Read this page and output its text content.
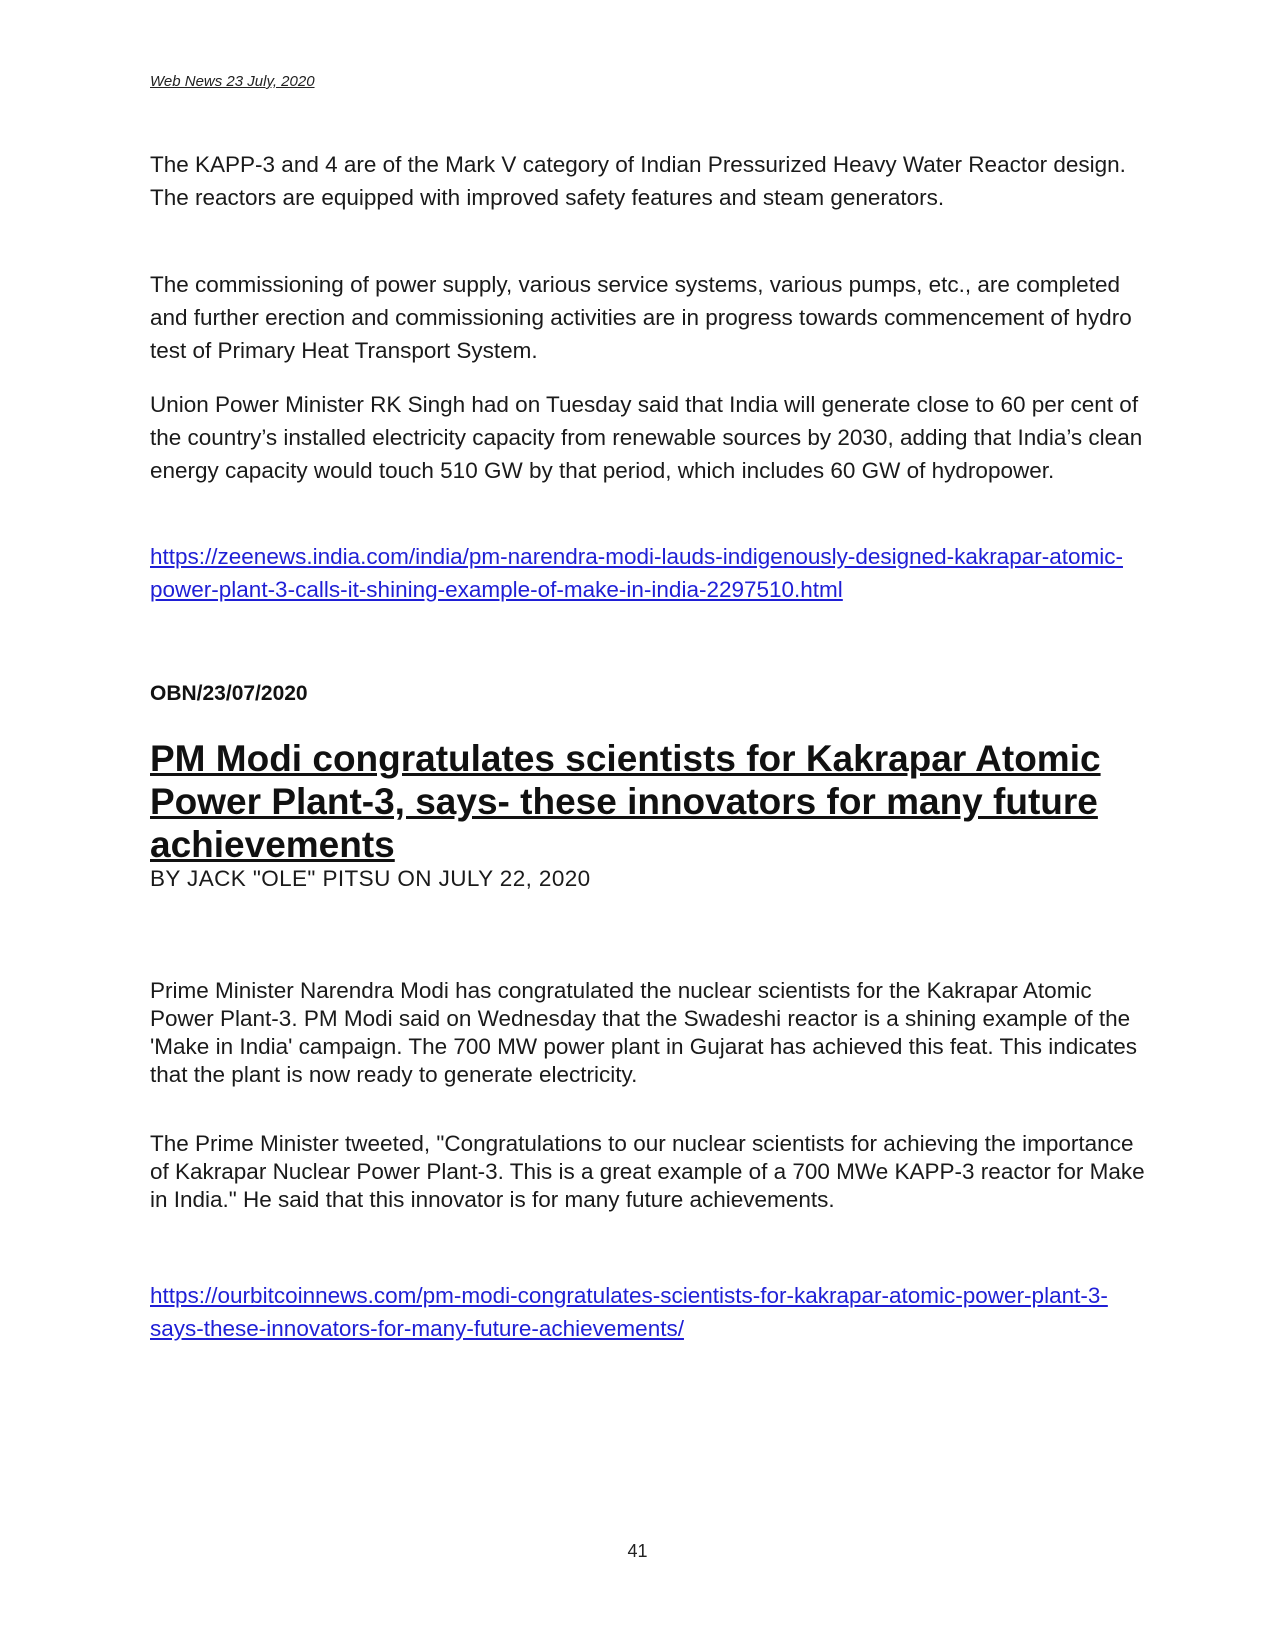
Web News 23 July, 2020

The KAPP-3 and 4 are of the Mark V category of Indian Pressurized Heavy Water Reactor design. The reactors are equipped with improved safety features and steam generators.

The commissioning of power supply, various service systems, various pumps, etc., are completed and further erection and commissioning activities are in progress towards commencement of hydro test of Primary Heat Transport System.

Union Power Minister RK Singh had on Tuesday said that India will generate close to 60 per cent of the country’s installed electricity capacity from renewable sources by 2030, adding that India’s clean energy capacity would touch 510 GW by that period, which includes 60 GW of hydropower.

https://zeenews.india.com/india/pm-narendra-modi-lauds-indigenously-designed-kakrapar-atomic-power-plant-3-calls-it-shining-example-of-make-in-india-2297510.html
OBN/23/07/2020
PM Modi congratulates scientists for Kakrapar Atomic Power Plant-3, says- these innovators for many future achievements
BY JACK "OLE" PITSU ON JULY 22, 2020

Prime Minister Narendra Modi has congratulated the nuclear scientists for the Kakrapar Atomic Power Plant-3. PM Modi said on Wednesday that the Swadeshi reactor is a shining example of the 'Make in India' campaign. The 700 MW power plant in Gujarat has achieved this feat. This indicates that the plant is now ready to generate electricity.

The Prime Minister tweeted, "Congratulations to our nuclear scientists for achieving the importance of Kakrapar Nuclear Power Plant-3. This is a great example of a 700 MWe KAPP-3 reactor for Make in India." He said that this innovator is for many future achievements.

https://ourbitcoinnews.com/pm-modi-congratulates-scientists-for-kakrapar-atomic-power-plant-3-says-these-innovators-for-many-future-achievements/
41
